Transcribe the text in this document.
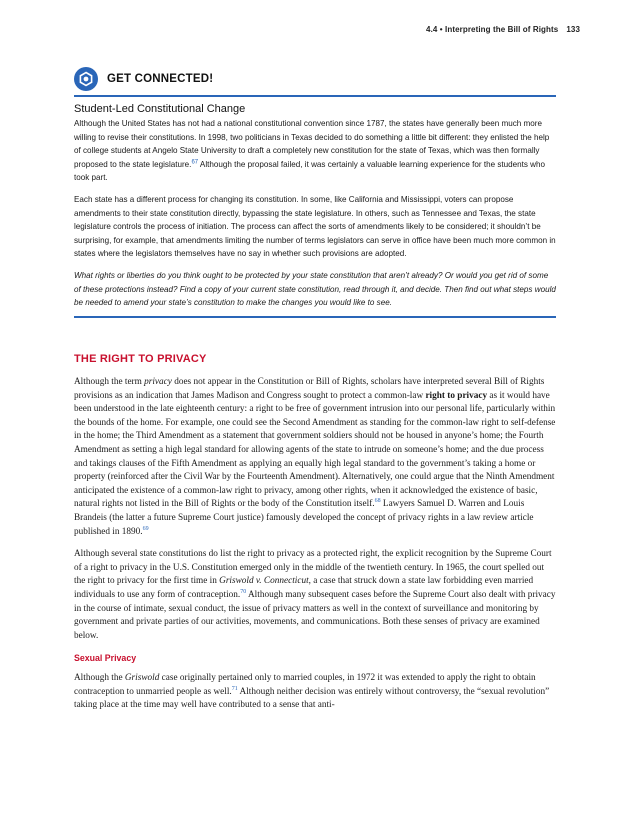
4.4 • Interpreting the Bill of Rights 133
GET CONNECTED!
Student-Led Constitutional Change

Although the United States has not had a national constitutional convention since 1787, the states have generally been much more willing to revise their constitutions. In 1998, two politicians in Texas decided to do something a little bit different: they enlisted the help of college students at Angelo State University to draft a completely new constitution for the state of Texas, which was then formally proposed to the state legislature.$^{67}$ Although the proposal failed, it was certainly a valuable learning experience for the students who took part.

Each state has a different process for changing its constitution. In some, like California and Mississippi, voters can propose amendments to their state constitution directly, bypassing the state legislature. In others, such as Tennessee and Texas, the state legislature controls the process of initiation. The process can affect the sorts of amendments likely to be considered; it shouldn’t be surprising, for example, that amendments limiting the number of terms legislators can serve in office have been much more common in states where the legislators themselves have no say in whether such provisions are adopted.

What rights or liberties do you think ought to be protected by your state constitution that aren’t already? Or would you get rid of some of these protections instead? Find a copy of your current state constitution, read through it, and decide. Then find out what steps would be needed to amend your state’s constitution to make the changes you would like to see.

THE RIGHT TO PRIVACY

Although the term privacy does not appear in the Constitution or Bill of Rights, scholars have interpreted several Bill of Rights provisions as an indication that James Madison and Congress sought to protect a common-law right to privacy as it would have been understood in the late eighteenth century: a right to be free of government intrusion into our personal life, particularly within the bounds of the home. For example, one could see the Second Amendment as standing for the common-law right to self-defense in the home; the Third Amendment as a statement that government soldiers should not be housed in anyone’s home; the Fourth Amendment as setting a high legal standard for allowing agents of the state to intrude on someone’s home; and the due process and takings clauses of the Fifth Amendment as applying an equally high legal standard to the government’s taking a home or property (reinforced after the Civil War by the Fourteenth Amendment). Alternatively, one could argue that the Ninth Amendment anticipated the existence of a common-law right to privacy, among other rights, when it acknowledged the existence of basic, natural rights not listed in the Bill of Rights or the body of the Constitution itself.$^{68}$ Lawyers Samuel D. Warren and Louis Brandeis (the latter a future Supreme Court justice) famously developed the concept of privacy rights in a law review article published in 1890.69

Although several state constitutions do list the right to privacy as a protected right, the explicit recognition by the Supreme Court of a right to privacy in the U.S. Constitution emerged only in the middle of the twentieth century. In 1965, the court spelled out the right to privacy for the first time in Griswold v. Connecticut, a case that struck down a state law forbidding even married individuals to use any form of contraception.$^{70}$ Although many subsequent cases before the Supreme Court also dealt with privacy in the course of intimate, sexual conduct, the issue of privacy matters as well in the context of surveillance and monitoring by government and private parties of our activities, movements, and communications. Both these senses of privacy are examined below.

Sexual Privacy

Although the Griswold case originally pertained only to married couples, in 1972 it was extended to apply the right to obtain contraception to unmarried people as well.$^{71}$ Although neither decision was entirely without controversy, the “sexual revolution” taking place at the time may well have contributed to a sense that anti-
